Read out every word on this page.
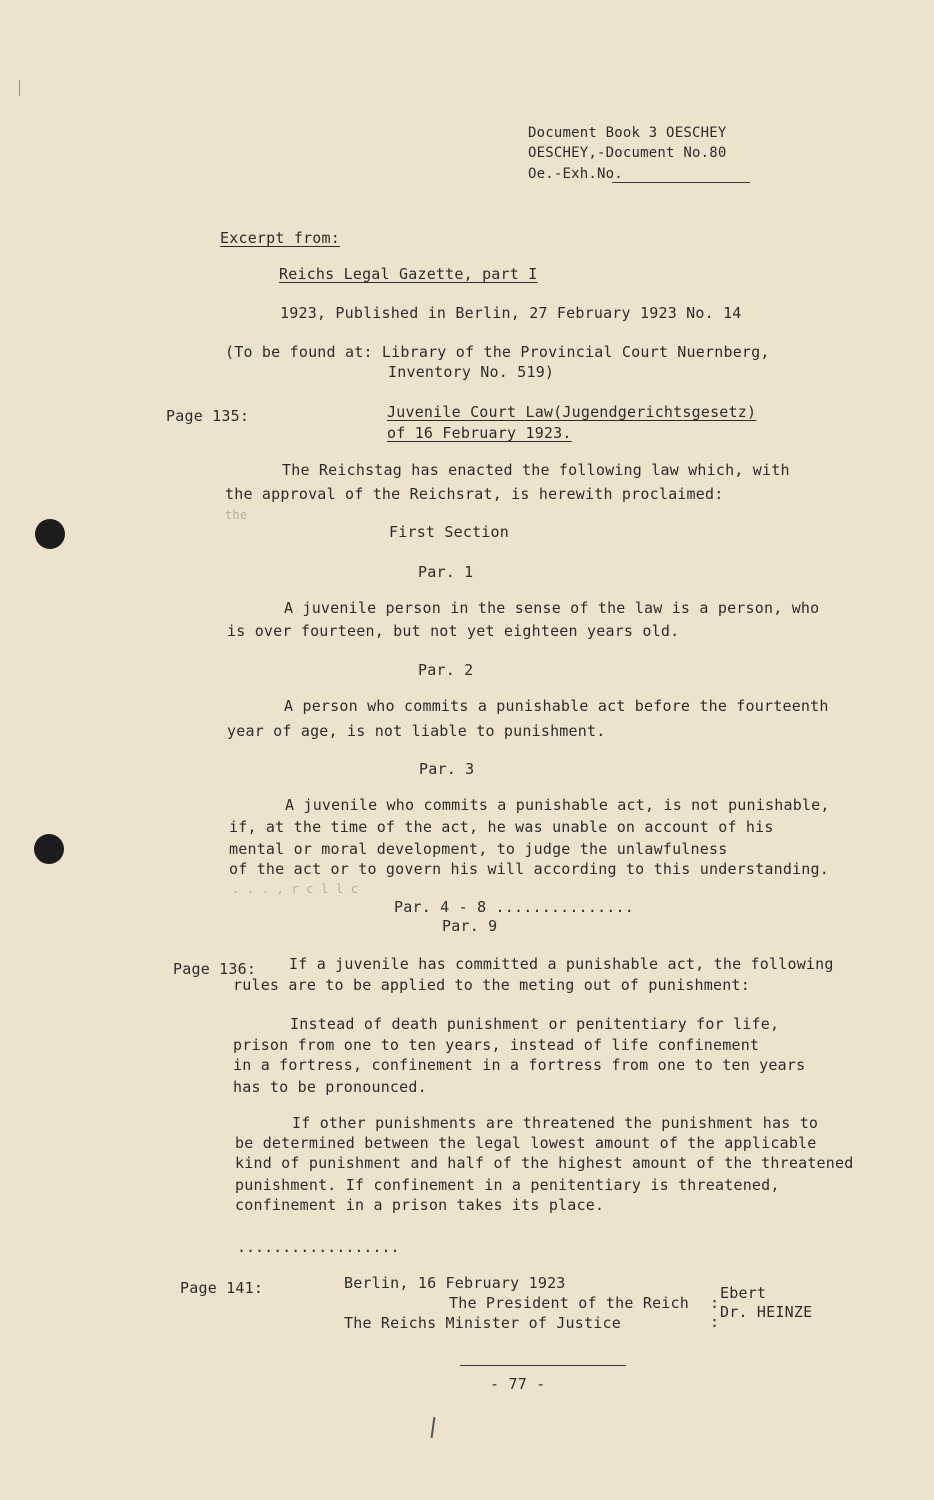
Document Book 3 OESCHEY
OESCHEY,-Document No.80
Oe.-Exh.No.
Excerpt from:
Reichs Legal Gazette, part I
1923, Published in Berlin, 27 February 1923 No. 14
(To be found at: Library of the Provincial Court Nuernberg,
Inventory No. 519)
Page 135:	Juvenile Court Law(Jugendgerichtsgesetz)
of 16 February 1923.
The Reichstag has enacted the following law which, with
the approval of the Reichsrat, is herewith proclaimed:
the
First Section
Par. 1
A juvenile person in the sense of the law is a person, who
is over fourteen, but not yet eighteen years old.
Par. 2
A person who commits a punishable act before the fourteenth
year of age, is not liable to punishment.
Par. 3
A juvenile who commits a punishable act, is not punishable,
if, at the time of the act, he was unable on account of his
mental or moral development, to judge the unlawfulness
of the act or to govern his will according to this understanding.
. . . , r c l l c
Par. 4 - 8 ...............
Par. 9
Page 136: If a juvenile has committed a punishable act, the following
rules are to be applied to the meting out of punishment:
Instead of death punishment or penitentiary for life,
prison from one to ten years, instead of life confinement
in a fortress, confinement in a fortress from one to ten years
has to be pronounced.
If other punishments are threatened the punishment has to
be determined between the legal lowest amount of the applicable
kind of punishment and half of the highest amount of the threatened
punishment. If confinement in a penitentiary is threatened,
confinement in a prison takes its place.
..................
Page 141:	Berlin, 16 February 1923
The President of the Reich
The Reichs Minister of Justice
:
:
Ebert
Dr. HEINZE
- 77 -
